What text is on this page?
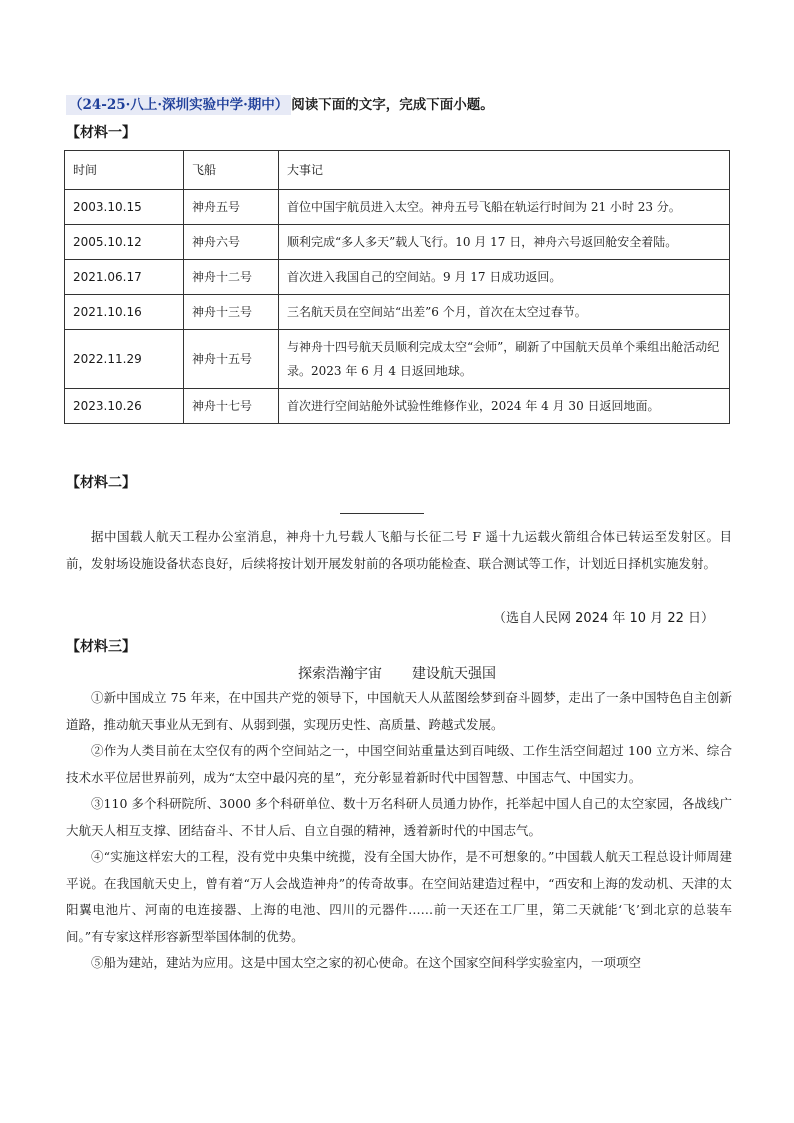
（24-25·八上·深圳实验中学·期中） 阅读下面的文字，完成下面小题。
【材料一】
时间	飞船	大事记
2003.10.15	神舟五号	首位中国宇航员进入太空。神舟五号飞船在轨运行时间为 21 小时 23 分。
2005.10.12	神舟六号	顺利完成“多人多天”载人飞行。10 月 17 日，神舟六号返回舱安全着陆。
2021.06.17	神舟十二号	首次进入我国自己的空间站。9 月 17 日成功返回。
2021.10.16	神舟十三号	三名航天员在空间站“出差”6 个月，首次在太空过春节。
2022.11.29	神舟十五号	与神舟十四号航天员顺利完成太空“会师”，刷新了中国航天员单个乘组出舱活动纪录。2023 年 6 月 4 日返回地球。
2023.10.26	神舟十七号	首次进行空间站舱外试验性维修作业，2024 年 4 月 30 日返回地面。
【材料二】
据中国载人航天工程办公室消息，神舟十九号载人飞船与长征二号 F 遥十九运载火箭组合体已转运至发射区。目前，发射场设施设备状态良好，后续将按计划开展发射前的各项功能检查、联合测试等工作，计划近日择机实施发射。
（选自人民网 2024 年 10 月 22 日）
【材料三】
探索浩瀚宇宙 建设航天强国
①新中国成立 75 年来，在中国共产党的领导下，中国航天人从蓝图绘梦到奋斗圆梦，走出了一条中国特色自主创新道路，推动航天事业从无到有、从弱到强，实现历史性、高质量、跨越式发展。
②作为人类目前在太空仅有的两个空间站之一，中国空间站重量达到百吨级、工作生活空间超过 100 立方米、综合技术水平位居世界前列，成为“太空中最闪亮的星”，充分彰显着新时代中国智慧、中国志气、中国实力。
③110 多个科研院所、3000 多个科研单位、数十万名科研人员通力协作，托举起中国人自己的太空家园，各战线广大航天人相互支撑、团结奋斗、不甘人后、自立自强的精神，透着新时代的中国志气。
④“实施这样宏大的工程，没有党中央集中统揽，没有全国大协作，是不可想象的。”中国载人航天工程总设计师周建平说。在我国航天史上，曾有着“万人会战造神舟”的传奇故事。在空间站建造过程中，“西安和上海的发动机、天津的太阳翼电池片、河南的电连接器、上海的电池、四川的元器件……前一天还在工厂里，第二天就能‘飞’到北京的总装车间。”有专家这样形容新型举国体制的优势。
⑤船为建站，建站为应用。这是中国太空之家的初心使命。在这个国家空间科学实验室内，一项项空
